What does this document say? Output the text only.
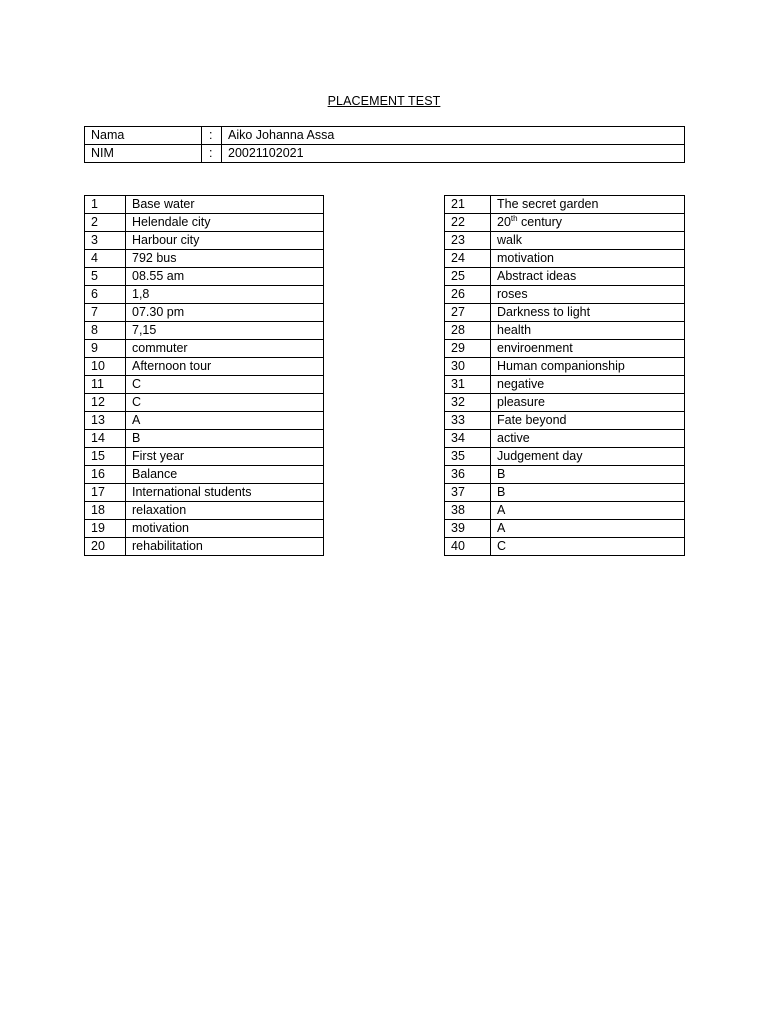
PLACEMENT TEST
Nama	:	Aiko Johanna Assa
NIM	:	20021102021
1	Base water
2	Helendale city
3	Harbour city
4	792 bus
5	08.55 am
6	1,8
7	07.30 pm
8	7,15
9	commuter
10	Afternoon tour
11	C
12	C
13	A
14	B
15	First year
16	Balance
17	International students
18	relaxation
19	motivation
20	rehabilitation
21	The secret garden
22	20th century
23	walk
24	motivation
25	Abstract ideas
26	roses
27	Darkness to light
28	health
29	enviroenment
30	Human companionship
31	negative
32	pleasure
33	Fate beyond
34	active
35	Judgement day
36	B
37	B
38	A
39	A
40	C
